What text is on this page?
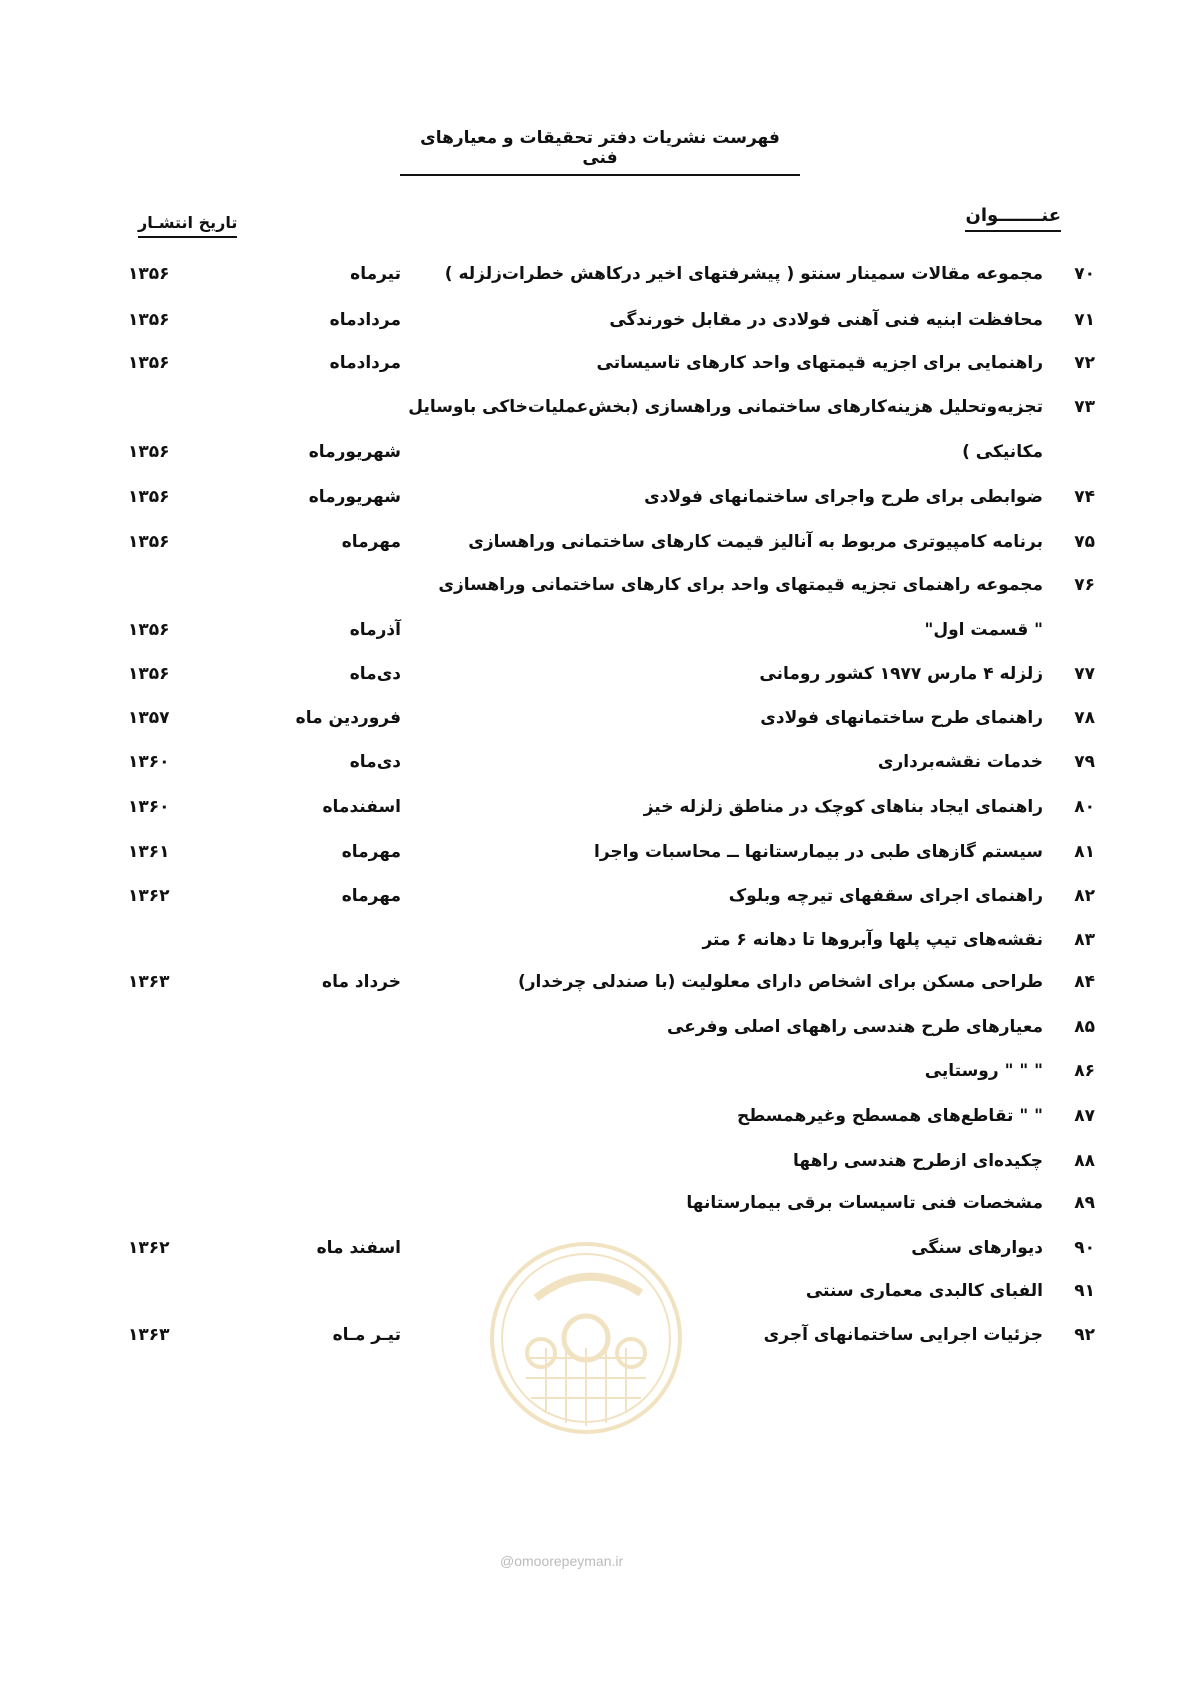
فهرست نشریات دفتر تحقیقات و معیارهای فنی
عنـــــــوان
تاریخ انتشـار
۷۰
مجموعه مقالات سمینار سنتو ( پیشرفتهای اخیر درکاهش خطرات‌زلزله )
تیرماه
۱۳۵۶
۷۱
محافظت ابنیه فنی آهنی فولادی در مقابل خورندگی
مردادماه
۱۳۵۶
۷۲
راهنمایی برای اجزیه قیمتهای واحد کارهای تاسیساتی
مردادماه
۱۳۵۶
۷۳
تجزیه‌وتحلیل هزینه‌کارهای ساختمانی وراهسازی (بخش‌عملیات‌خاکی باوسایل
مکانیکی )
شهریورماه
۱۳۵۶
۷۴
ضوابطی برای طرح واجرای ساختمانهای فولادی
شهریورماه
۱۳۵۶
۷۵
برنامه کامپیوتری مربوط به آنالیز قیمت کارهای ساختمانی وراهسازی
مهرماه
۱۳۵۶
۷۶
مجموعه راهنمای تجزیه قیمتهای واحد برای کارهای ساختمانی وراهسازی
" قسمت اول"
آذرماه
۱۳۵۶
۷۷
زلزله ۴ مارس ۱۹۷۷ کشور رومانی
دی‌ماه
۱۳۵۶
۷۸
راهنمای طرح ساختمانهای فولادی
فروردین ماه
۱۳۵۷
۷۹
خدمات نقشه‌برداری
دی‌ماه
۱۳۶۰
۸۰
راهنمای ایجاد بناهای کوچک در مناطق زلزله خیز
اسفندماه
۱۳۶۰
۸۱
سیستم گازهای طبی در بیمارستانها ــ محاسبات واجرا
مهرماه
۱۳۶۱
۸۲
راهنمای اجرای سقفهای تیرچه وبلوک
مهرماه
۱۳۶۲
۸۳
نقشه‌های تیپ پلها وآبروها تا دهانه ۶ متر
۸۴
طراحی مسکن برای اشخاص دارای معلولیت (با صندلی چرخدار)
خرداد ماه
۱۳۶۳
۸۵
معیارهای طرح هندسی راههای اصلی وفرعی
۸۶
" " " روستایی
۸۷
" " تقاطع‌های همسطح وغیرهمسطح
۸۸
چکیده‌ای ازطرح هندسی راهها
۸۹
مشخصات فنی تاسیسات برقی بیمارستانها
۹۰
دیوارهای سنگی
اسفند ماه
۱۳۶۲
۹۱
الفبای کالبدی معماری سنتی
۹۲
جزئیات اجرایی ساختمانهای آجری
تیـر مـاه
۱۳۶۳
@omoorepeyman.ir
